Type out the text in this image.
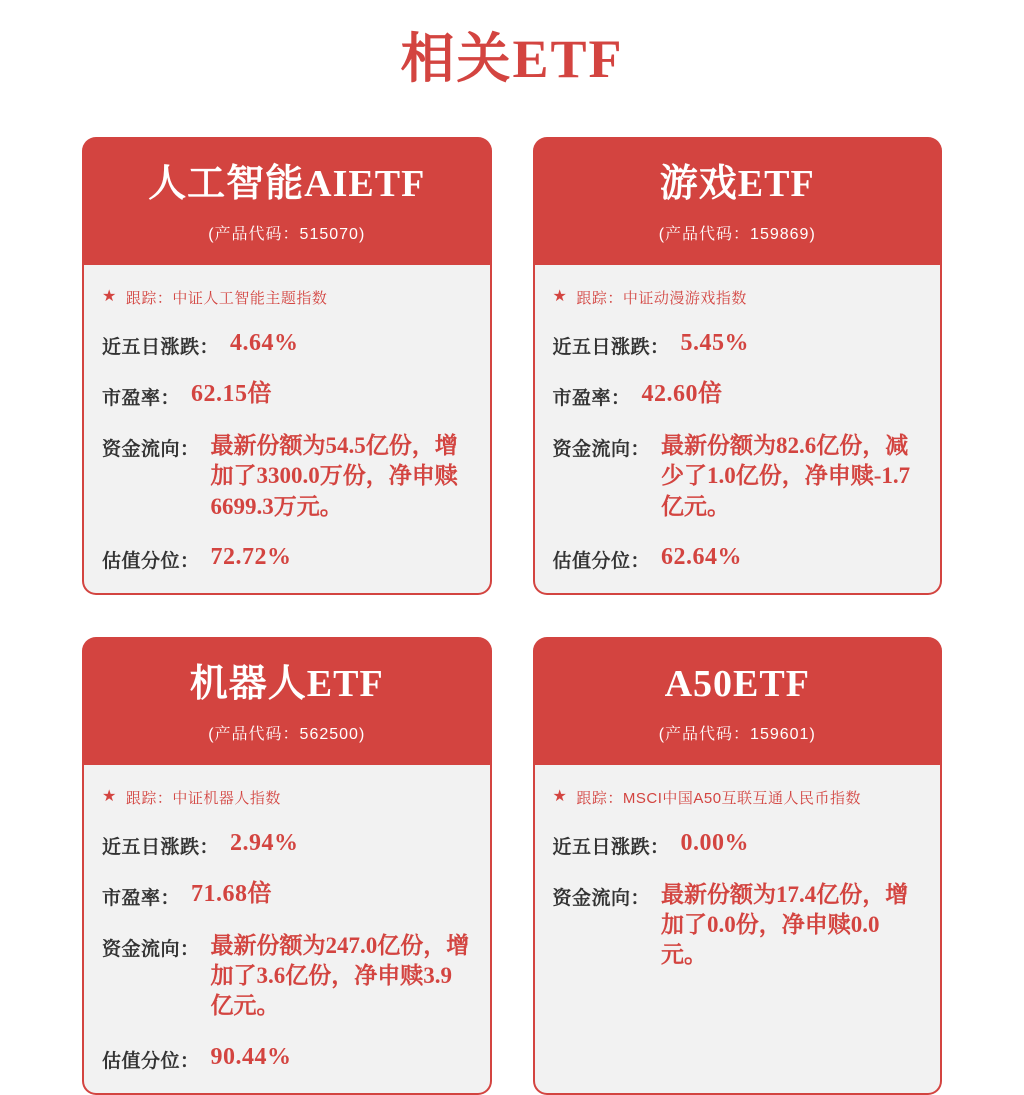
相关ETF
人工智能AIETF
(产品代码：515070)
★ 跟踪： 中证人工智能主题指数
近五日涨跌： 4.64%
市盈率： 62.15倍
资金流向： 最新份额为54.5亿份，增加了3300.0万份，净申赎6699.3万元。
估值分位： 72.72%
游戏ETF
(产品代码：159869)
★ 跟踪： 中证动漫游戏指数
近五日涨跌： 5.45%
市盈率： 42.60倍
资金流向： 最新份额为82.6亿份，减少了1.0亿份，净申赎-1.7亿元。
估值分位： 62.64%
机器人ETF
(产品代码：562500)
★ 跟踪： 中证机器人指数
近五日涨跌： 2.94%
市盈率： 71.68倍
资金流向： 最新份额为247.0亿份，增加了3.6亿份，净申赎3.9亿元。
估值分位： 90.44%
A50ETF
(产品代码：159601)
★ 跟踪： MSCI中国A50互联互通人民币指数
近五日涨跌： 0.00%
资金流向： 最新份额为17.4亿份，增加了0.0份，净申赎0.0元。
